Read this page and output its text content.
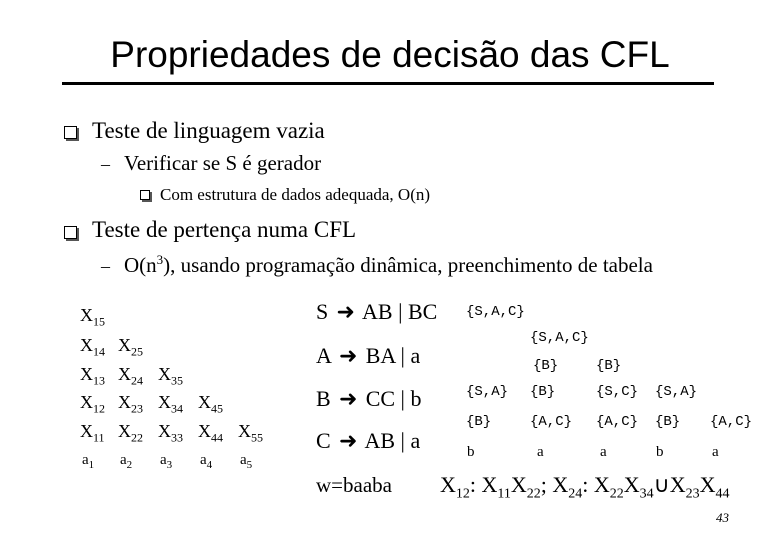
Propriedades de decisão das CFL
Teste de linguagem vazia
– Verificar se S é gerador
Com estrutura de dados adequada, O(n)
Teste de pertença numa CFL
– $O(n^3)$, usando programação dinâmica, preenchimento de tabela
$X_{15}$
$X_{14}$ $X_{25}$
$X_{13}$ $X_{24}$ $X_{35}$
$X_{12}$ $X_{23}$ $X_{34}$ $X_{45}$
$X_{11}$ $X_{22}$ $X_{33}$ $X_{44}$ $X_{55}$
$a_1$ $a_2$ $a_3$ $a_4$ $a_5$
S ➜ AB | BC
A ➜ BA | a
B ➜ CC | b
C ➜ AB | a
w=baaba
{S,A,C}
{S,A,C}
{B}	{B}
{S,A} {B}	{S,C} {S,A}
{B}	{A,C} {A,C} {B} {A,C}
b	a	a	b	a
$X_{12}$: $X_{11}X_{22}$; $X_{24}$: $X_{22}X_{34}\cup X_{23}X_{44}$
43
